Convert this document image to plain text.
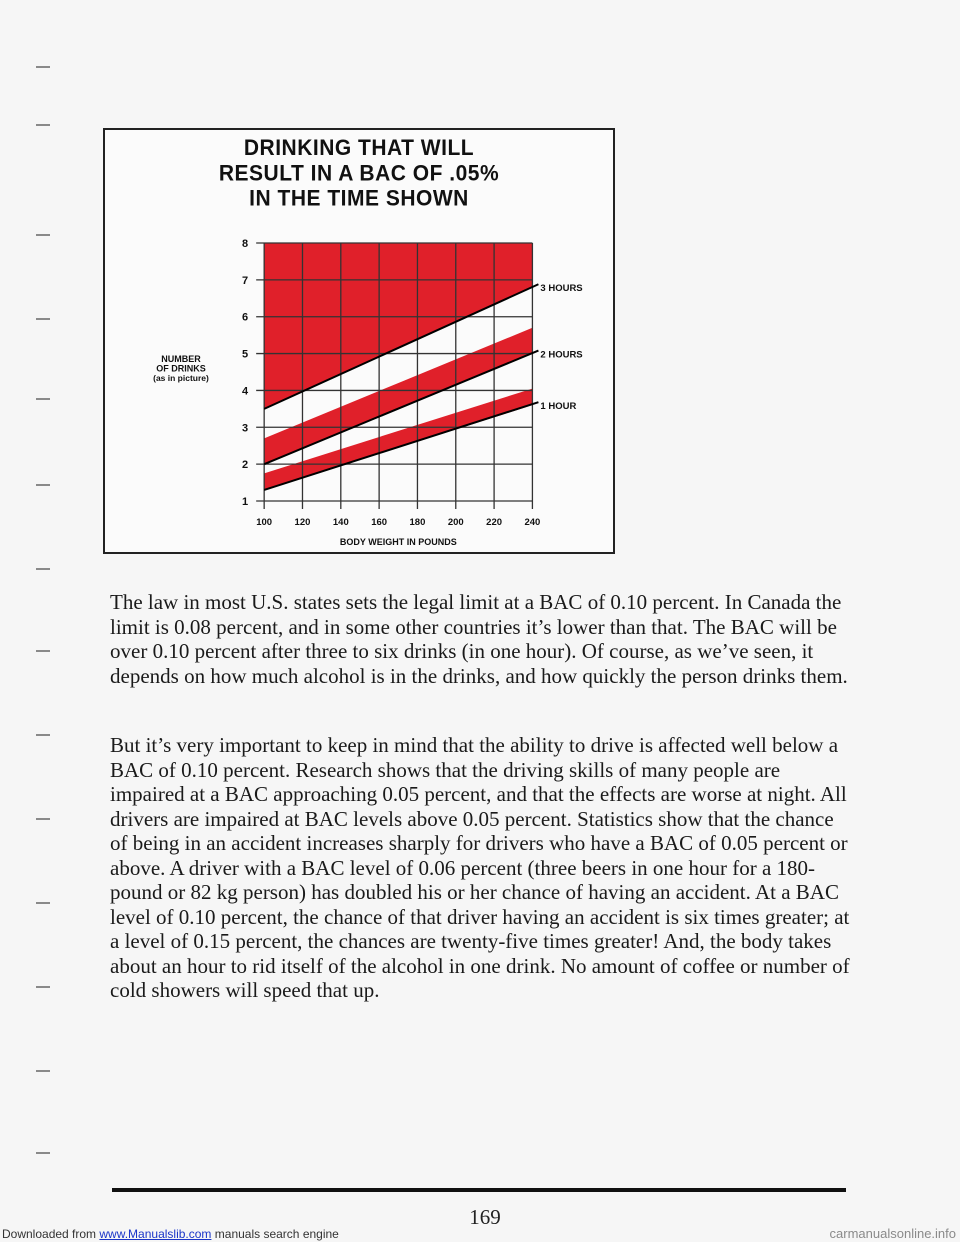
DRINKING THAT WILL
RESULT IN A BAC OF .05%
IN THE TIME SHOWN
1 HOUR
2 HOURS
3 HOURS
1
2
3
4
5
6
7
8
100 120 140 160 180 200 220 240
BODY WEIGHT IN POUNDS
NUMBER
OF DRINKS
(as in picture)

The law in most U.S. states sets the legal limit at a BAC of 0.10 percent. In Canada the limit is 0.08 percent, and in some other countries it’s lower than that. The BAC will be over 0.10 percent after three to six drinks (in one hour). Of course, as we’ve seen, it depends on how much alcohol is in the drinks, and how quickly the person drinks them.

But it’s very important to keep in mind that the ability to drive is affected well below a BAC of 0.10 percent. Research shows that the driving skills of many people are impaired at a BAC approaching 0.05 percent, and that the effects are worse at night. All drivers are impaired at BAC levels above 0.05 percent. Statistics show that the chance of being in an accident increases sharply for drivers who have a BAC of 0.05 percent or above. A driver with a BAC level of 0.06 percent (three beers in one hour for a 180-pound or 82 kg person) has doubled his or her chance of having an accident. At a BAC level of 0.10 percent, the chance of that driver having an accident is six times greater; at a level of 0.15 percent, the chances are twenty-five times greater! And, the body takes about an hour to rid itself of the alcohol in one drink. No amount of coffee or number of cold showers will speed that up.

169
Downloaded from www.Manualslib.com manuals search engine	carmanualsonline.info
